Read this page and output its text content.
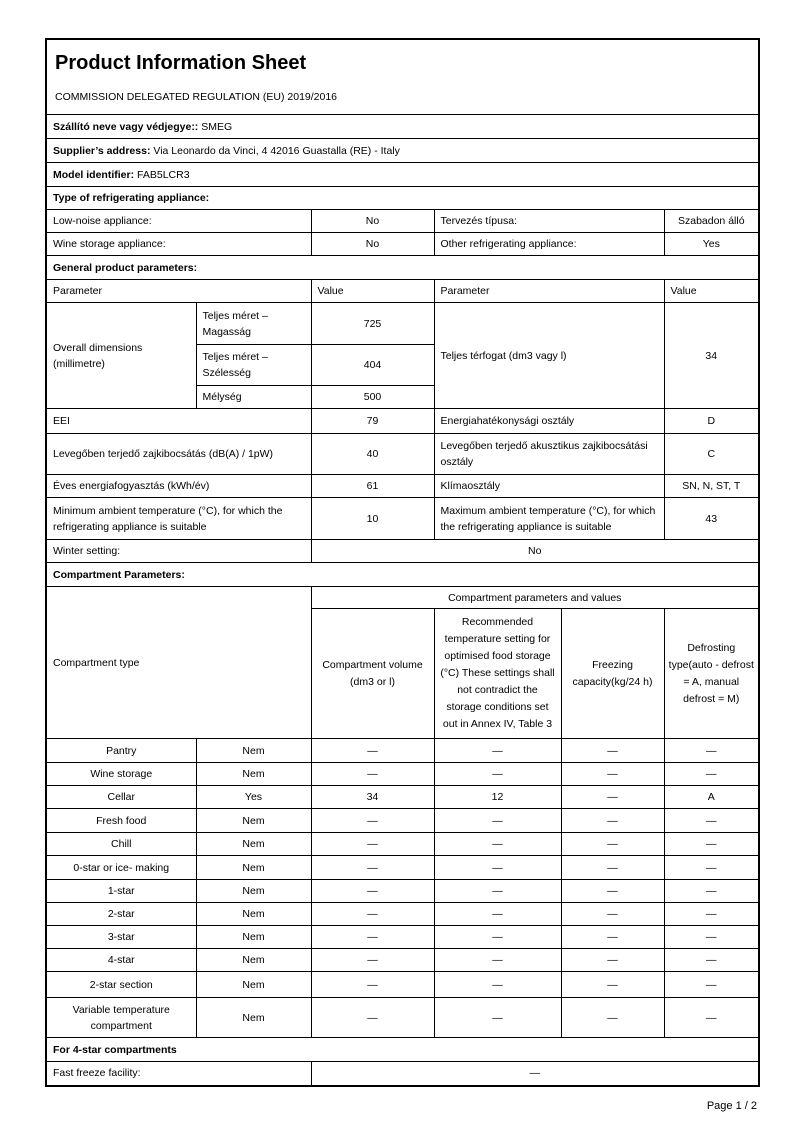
Product Information Sheet
COMMISSION DELEGATED REGULATION (EU) 2019/2016					

Szállító neve vagy védjegye:: SMEG					
Supplier’s address: Via Leonardo da Vinci, 4 42016 Guastalla (RE) - Italy					
Model identifier: FAB5LCR3					
Type of refrigerating appliance:					
Low-noise appliance:		No	Tervezés típusa:		Szabadon álló
Wine storage appliance:		No	Other refrigerating appliance:		Yes
General product parameters:					
Parameter		Value	Parameter		Value
Overall dimensions (millimetre)	Teljes méret – Magasság	725	Teljes térfogat (dm3 vagy l)		34
	Teljes méret – Szélesség	404			
	Mélység	500			
EEI		79	Energiahatékonysági osztály		D
Levegőben terjedő zajkibocsátás (dB(A) / 1pW)		40	Levegőben terjedő akusztikus zajkibocsátási osztály		C
Éves energiafogyasztás (kWh/év)		61	Klímaosztály		SN, N, ST, T
Minimum ambient temperature (°C), for which the refrigerating appliance is suitable		10	Maximum ambient temperature (°C), for which the refrigerating appliance is suitable		43
Winter setting:		No			
Compartment Parameters:					
Compartment type		Compartment parameters and values			
		Compartment volume (dm3 or l)	Recommended temperature setting for optimised food storage (°C) These settings shall not contradict the storage conditions set out in Annex IV, Table 3	Freezing capacity(kg/24 h)	Defrosting type(auto - defrost = A, manual defrost = M)
Pantry	Nem	—	—	—	—
Wine storage	Nem	—	—	—	—
Cellar	Yes	34	12	—	A
Fresh food	Nem	—	—	—	—
Chill	Nem	—	—	—	—
0-star or ice- making	Nem	—	—	—	—
1-star	Nem	—	—	—	—
2-star	Nem	—	—	—	—
3-star	Nem	—	—	—	—
4-star	Nem	—	—	—	—
2-star section	Nem	—	—	—	—
Variable temperature compartment	Nem	—	—	—	—
For 4-star compartments					
Fast freeze facility:		—			
Page 1 / 2
